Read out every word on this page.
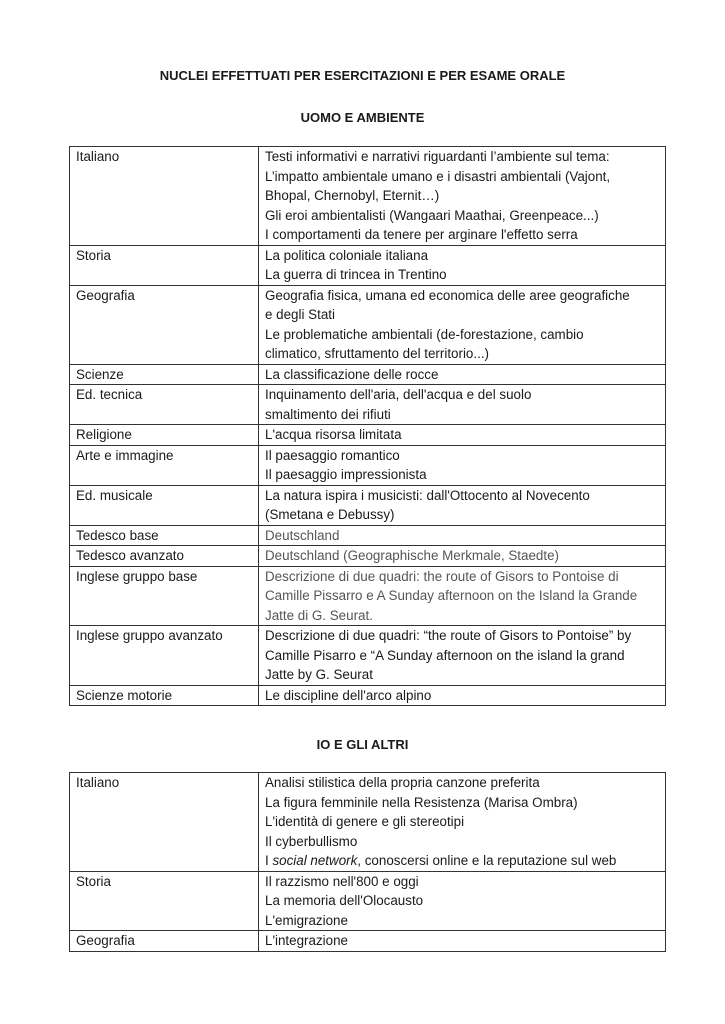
NUCLEI EFFETTUATI PER ESERCITAZIONI E PER ESAME ORALE
UOMO E AMBIENTE
Italiano	Testi informativi e narrativi riguardanti l’ambiente sul tema:
L’impatto ambientale umano e i disastri ambientali (Vajont,
Bhopal, Chernobyl, Eternit…)
Gli eroi ambientalisti (Wangaari Maathai, Greenpeace...)
I comportamenti da tenere per arginare l'effetto serra

Storia	La politica coloniale italiana
La guerra di trincea in Trentino

Geografia	Geografia fisica, umana ed economica delle aree geografiche
e degli Stati
Le problematiche ambientali (de-forestazione, cambio
climatico, sfruttamento del territorio...)

Scienze	La classificazione delle rocce

Ed. tecnica	Inquinamento dell'aria, dell'acqua e del suolo
smaltimento dei rifiuti

Religione	L'acqua risorsa limitata

Arte e immagine	Il paesaggio romantico
Il paesaggio impressionista

Ed. musicale	La natura ispira i musicisti: dall'Ottocento al Novecento
(Smetana e Debussy)

Tedesco base	Deutschland

Tedesco avanzato	Deutschland (Geographische Merkmale, Staedte)

Inglese gruppo base	Descrizione di due quadri: the route of Gisors to Pontoise di
Camille Pissarro e A Sunday afternoon on the Island la Grande
Jatte di G. Seurat.

Inglese gruppo avanzato	Descrizione di due quadri: “the route of Gisors to Pontoise” by
Camille Pisarro e “A Sunday afternoon on the island la grand
Jatte by G. Seurat

Scienze motorie	Le discipline dell'arco alpino
IO E GLI ALTRI
Italiano	Analisi stilistica della propria canzone preferita
La figura femminile nella Resistenza (Marisa Ombra)
L'identità di genere e gli stereotipi
Il cyberbullismo
I social network, conoscersi online e la reputazione sul web

Storia	Il razzismo nell'800 e oggi
La memoria dell'Olocausto
L'emigrazione

Geografia	L'integrazione
